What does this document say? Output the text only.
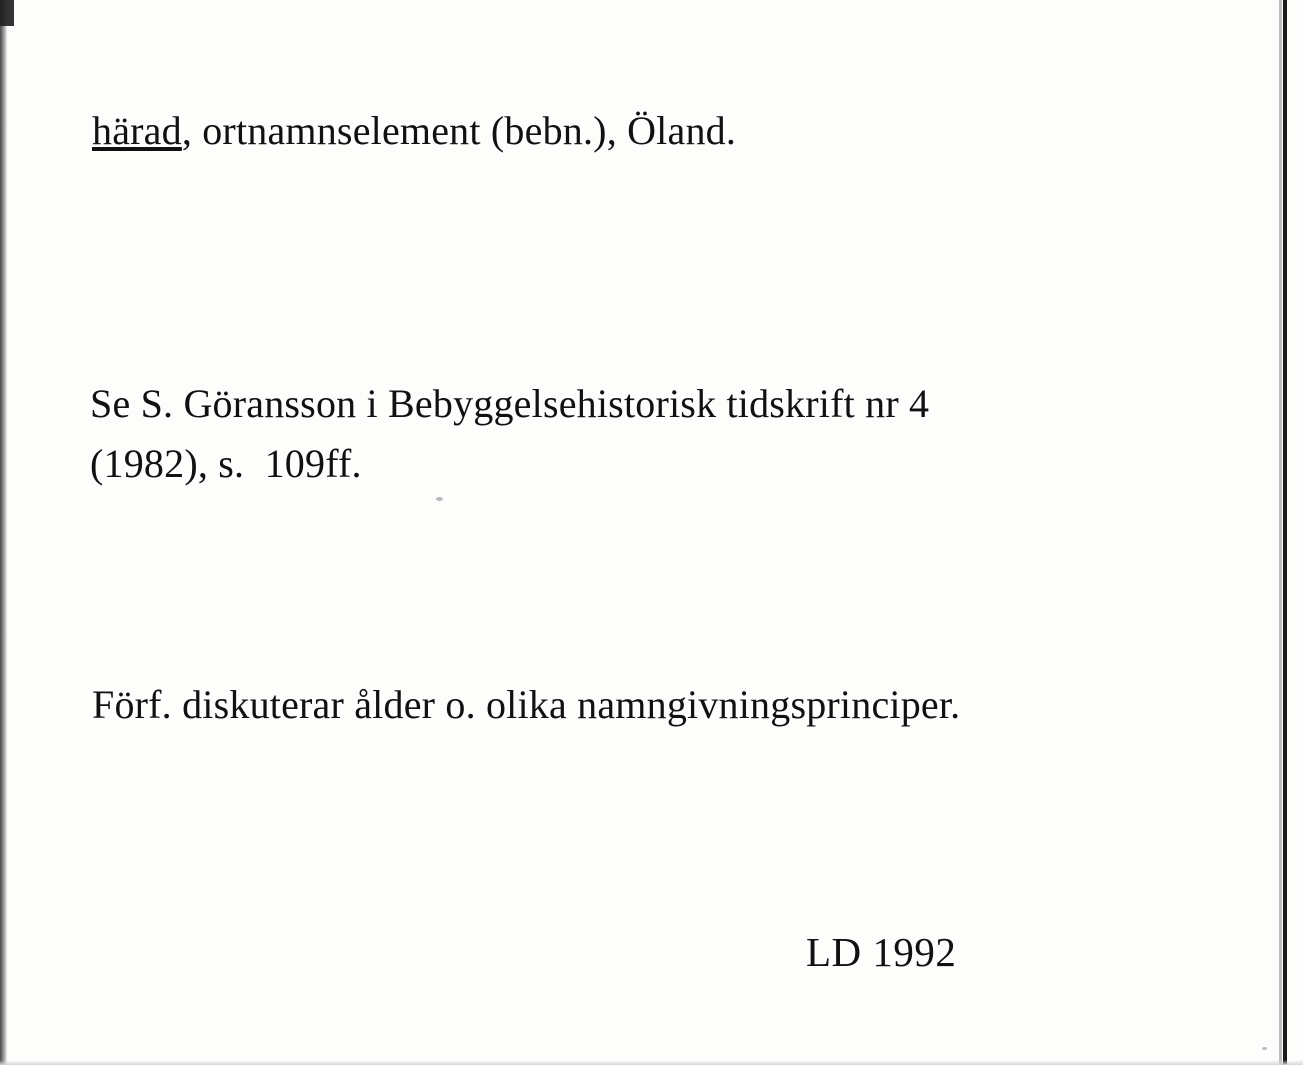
härad, ortnamnselement (bebn.), Öland.
Se S. Göransson i Bebyggelsehistorisk tidskrift nr 4
(1982), s.  109ff.
Förf. diskuterar ålder o. olika namngivningsprinciper.
LD 1992
